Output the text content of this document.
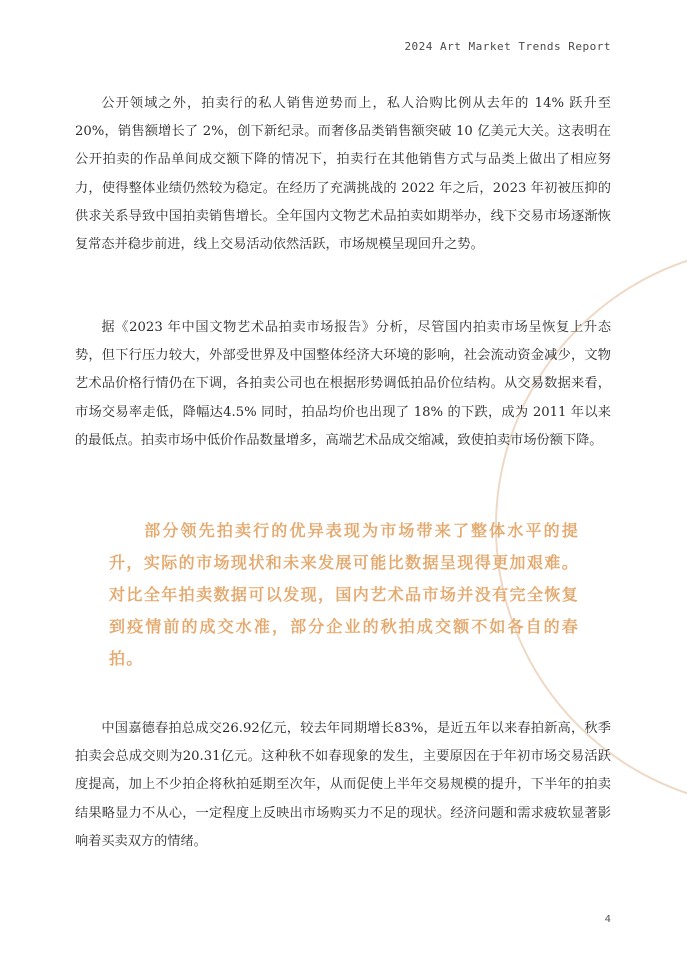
2024 Art Market Trends Report

公开领域之外，拍卖行的私人销售逆势而上，私人洽购比例从去年的 14% 跃升至 20%，销售额增长了 2%，创下新纪录。而奢侈品类销售额突破 10 亿美元大关。这表明在公开拍卖的作品单间成交额下降的情况下，拍卖行在其他销售方式与品类上做出了相应努力，使得整体业绩仍然较为稳定。在经历了充满挑战的 2022 年之后，2023 年初被压抑的供求关系导致中国拍卖销售增长。全年国内文物艺术品拍卖如期举办，线下交易市场逐渐恢复常态并稳步前进，线上交易活动依然活跃，市场规模呈现回升之势。

据《2023 年中国文物艺术品拍卖市场报告》分析，尽管国内拍卖市场呈恢复上升态势，但下行压力较大，外部受世界及中国整体经济大环境的影响，社会流动资金减少，文物艺术品价格行情仍在下调，各拍卖公司也在根据形势调低拍品价位结构。从交易数据来看，市场交易率走低，降幅达4.5% 同时，拍品均价也出现了 18% 的下跌，成为 2011 年以来的最低点。拍卖市场中低价作品数量增多，高端艺术品成交缩减，致使拍卖市场份额下降。

部分领先拍卖行的优异表现为市场带来了整体水平的提升，实际的市场现状和未来发展可能比数据呈现得更加艰难。对比全年拍卖数据可以发现，国内艺术品市场并没有完全恢复到疫情前的成交水准，部分企业的秋拍成交额不如各自的春拍。

中国嘉德春拍总成交26.92亿元，较去年同期增长83%，是近五年以来春拍新高，秋季拍卖会总成交则为20.31亿元。这种秋不如春现象的发生，主要原因在于年初市场交易活跃度提高，加上不少拍企将秋拍延期至次年，从而促使上半年交易规模的提升，下半年的拍卖结果略显力不从心，一定程度上反映出市场购买力不足的现状。经济问题和需求疲软显著影响着买卖双方的情绪。

4
